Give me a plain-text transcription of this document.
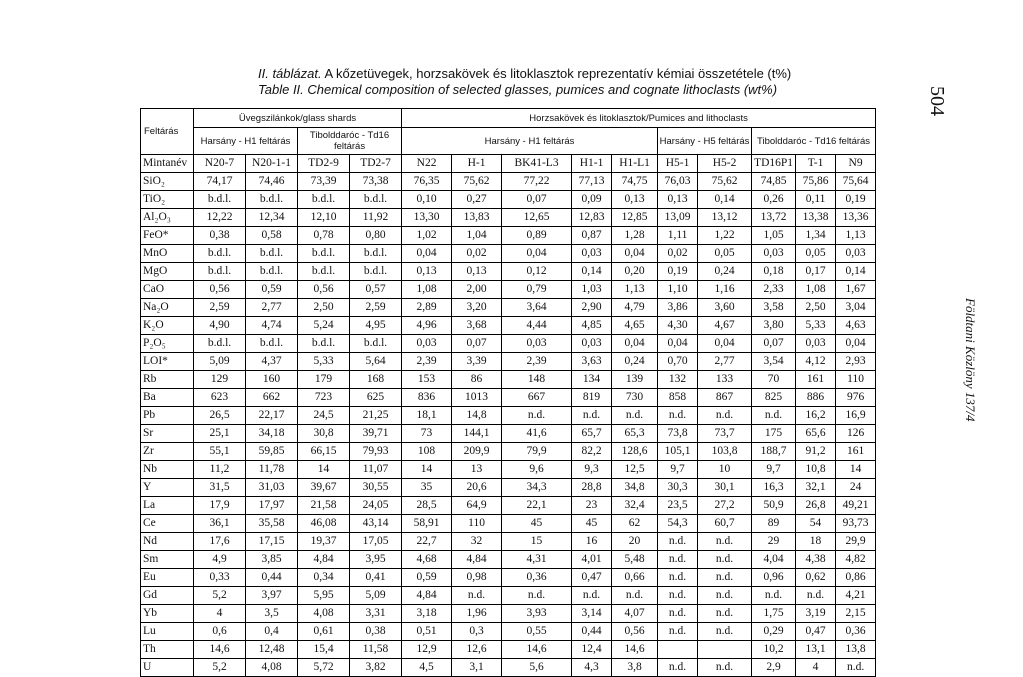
II. táblázat. A kőzetüvegek, horzsakövek és litoklasztok reprezentatív kémiai összetétele (t%)
Table II. Chemical composition of selected glasses, pumices and cognate lithoclasts (wt%)	504
Földtani Közlöny 137/4
Feltárás	Üvegszilánkok/glass shards				Horzsakövek és litoklasztok/Pumices and lithoclasts									
	Harsány - H1 feltárás		Tibolddaróc - Td16 feltárás		Harsány - H1 feltárás					Harsány - H5 feltárás		Tibolddaróc - Td16 feltárás		
Mintanév	N20-7	N20-1-1	TD2-9	TD2-7	N22	H-1	BK41-L3	H1-1	H1-L1	H5-1	H5-2	TD16P1	T-1	N9
SiO₂	74,17	74,46	73,39	73,38	76,35	75,62	77,22	77,13	74,75	76,03	75,62	74,85	75,86	75,64
TiO₂	b.d.l.	b.d.l.	b.d.l.	b.d.l.	0,10	0,27	0,07	0,09	0,13	0,13	0,14	0,26	0,11	0,19
Al₂O₃	12,22	12,34	12,10	11,92	13,30	13,83	12,65	12,83	12,85	13,09	13,12	13,72	13,38	13,36
FeO*	0,38	0,58	0,78	0,80	1,02	1,04	0,89	0,87	1,28	1,11	1,22	1,05	1,34	1,13
MnO	b.d.l.	b.d.l.	b.d.l.	b.d.l.	0,04	0,02	0,04	0,03	0,04	0,02	0,05	0,03	0,05	0,03
MgO	b.d.l.	b.d.l.	b.d.l.	b.d.l.	0,13	0,13	0,12	0,14	0,20	0,19	0,24	0,18	0,17	0,14
CaO	0,56	0,59	0,56	0,57	1,08	2,00	0,79	1,03	1,13	1,10	1,16	2,33	1,08	1,67
Na₂O	2,59	2,77	2,50	2,59	2,89	3,20	3,64	2,90	4,79	3,86	3,60	3,58	2,50	3,04
K₂O	4,90	4,74	5,24	4,95	4,96	3,68	4,44	4,85	4,65	4,30	4,67	3,80	5,33	4,63
P₂O₅	b.d.l.	b.d.l.	b.d.l.	b.d.l.	0,03	0,07	0,03	0,03	0,04	0,04	0,04	0,07	0,03	0,04
LOI*	5,09	4,37	5,33	5,64	2,39	3,39	2,39	3,63	0,24	0,70	2,77	3,54	4,12	2,93
Rb	129	160	179	168	153	86	148	134	139	132	133	70	161	110
Ba	623	662	723	625	836	1013	667	819	730	858	867	825	886	976
Pb	26,5	22,17	24,5	21,25	18,1	14,8	n.d.	n.d.	n.d.	n.d.	n.d.	n.d.	16,2	16,9
Sr	25,1	34,18	30,8	39,71	73	144,1	41,6	65,7	65,3	73,8	73,7	175	65,6	126
Zr	55,1	59,85	66,15	79,93	108	209,9	79,9	82,2	128,6	105,1	103,8	188,7	91,2	161
Nb	11,2	11,78	14	11,07	14	13	9,6	9,3	12,5	9,7	10	9,7	10,8	14
Y	31,5	31,03	39,67	30,55	35	20,6	34,3	28,8	34,8	30,3	30,1	16,3	32,1	24
La	17,9	17,97	21,58	24,05	28,5	64,9	22,1	23	32,4	23,5	27,2	50,9	26,8	49,21
Ce	36,1	35,58	46,08	43,14	58,91	110	45	45	62	54,3	60,7	89	54	93,73
Nd	17,6	17,15	19,37	17,05	22,7	32	15	16	20	n.d.	n.d.	29	18	29,9
Sm	4,9	3,85	4,84	3,95	4,68	4,84	4,31	4,01	5,48	n.d.	n.d.	4,04	4,38	4,82
Eu	0,33	0,44	0,34	0,41	0,59	0,98	0,36	0,47	0,66	n.d.	n.d.	0,96	0,62	0,86
Gd	5,2	3,97	5,95	5,09	4,84	n.d.	n.d.	n.d.	n.d.	n.d.	n.d.	n.d.	n.d.	4,21
Yb	4	3,5	4,08	3,31	3,18	1,96	3,93	3,14	4,07	n.d.	n.d.	1,75	3,19	2,15
Lu	0,6	0,4	0,61	0,38	0,51	0,3	0,55	0,44	0,56	n.d.	n.d.	0,29	0,47	0,36
Th	14,6	12,48	15,4	11,58	12,9	12,6	14,6	12,4	14,6			10,2	13,1	13,8
U	5,2	4,08	5,72	3,82	4,5	3,1	5,6	4,3	3,8	n.d.	n.d.	2,9	4	n.d.
